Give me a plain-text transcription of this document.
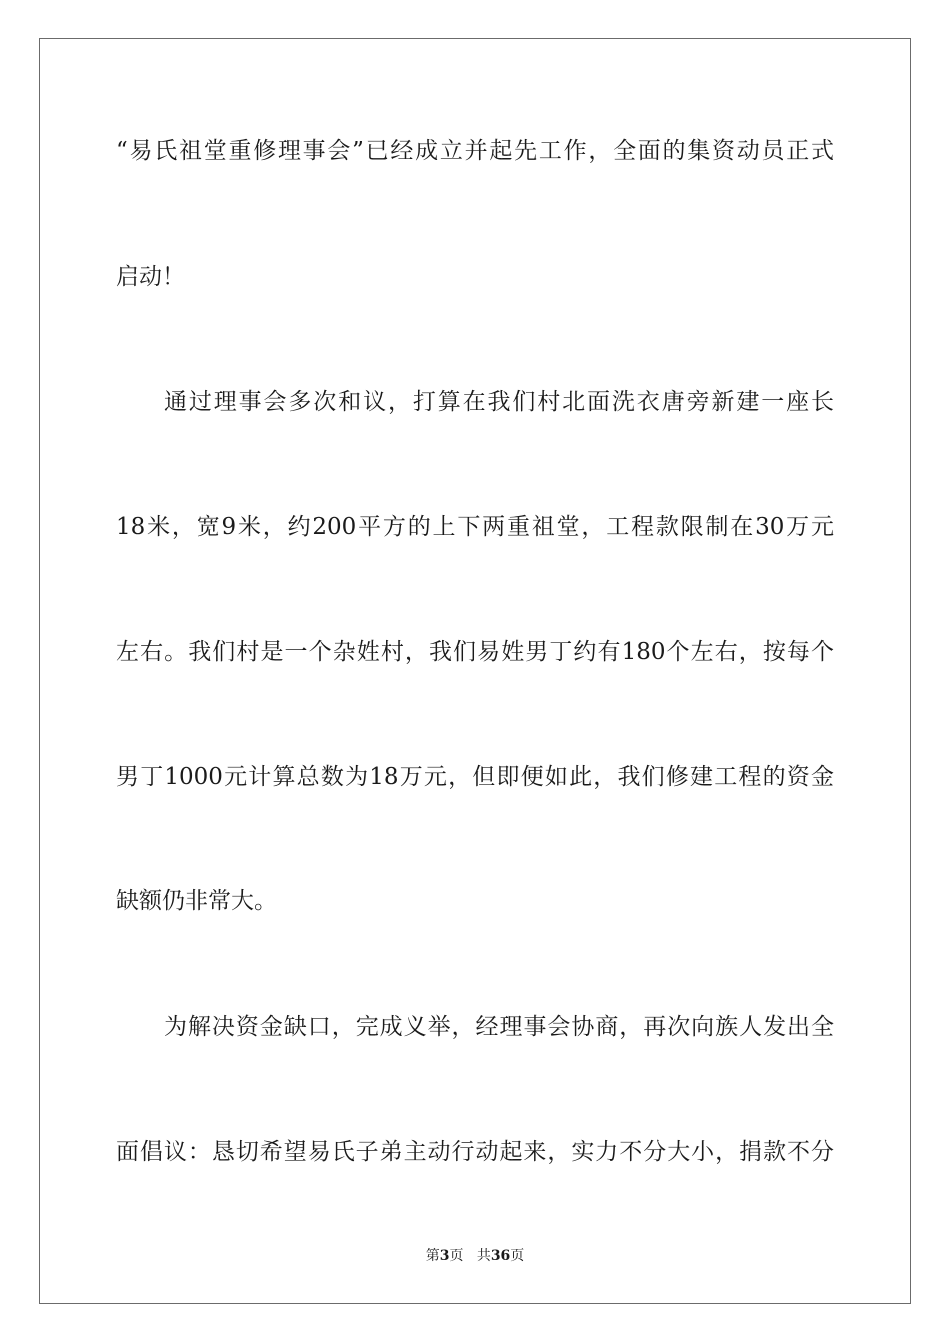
“易氏祖堂重修理事会”已经成立并起先工作，全面的集资动员正式
启动！
通过理事会多次和议，打算在我们村北面洗衣唐旁新建一座长
18米，宽9米，约200平方的上下两重祖堂，工程款限制在30万元
左右。我们村是一个杂姓村，我们易姓男丁约有180个左右，按每个
男丁1000元计算总数为18万元，但即便如此，我们修建工程的资金
缺额仍非常大。
为解决资金缺口，完成义举，经理事会协商，再次向族人发出全
面倡议：恳切希望易氏子弟主动行动起来，实力不分大小，捐款不分
第3页 共36页
